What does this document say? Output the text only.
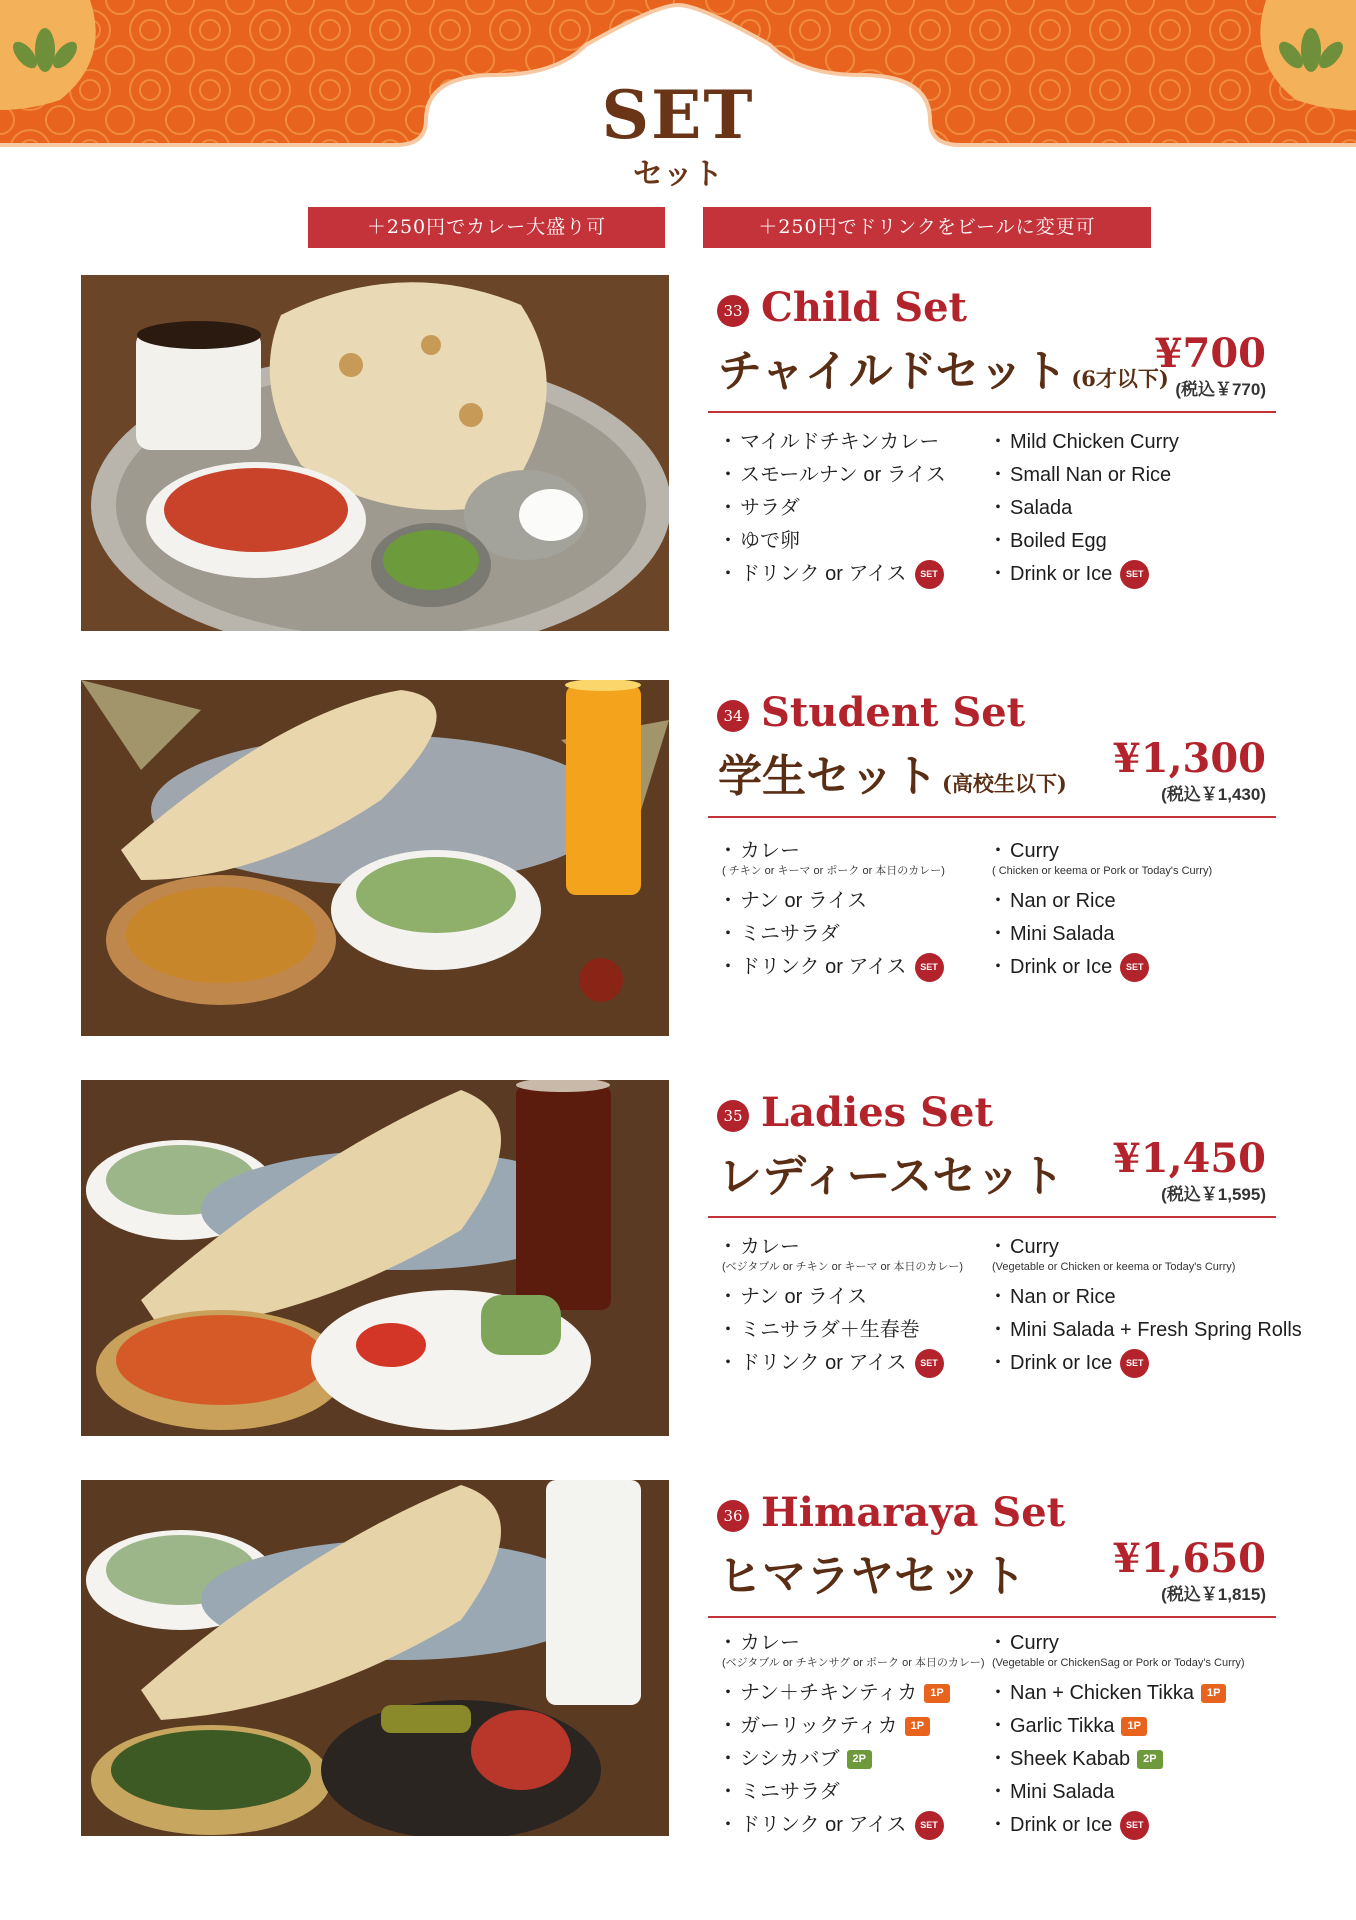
SET
セット
＋250円でカレー大盛り可	＋250円でドリンクをビールに変更可
33 Child Set
チャイルドセット (6才以下)
¥700
(税込￥770)
・ マイルドチキンカレー
・ スモールナン or ライス
・ サラダ
・ ゆで卵
・ ドリンク or アイス	SET
・ Mild Chicken Curry
・ Small Nan or Rice
・ Salada
・ Boiled Egg
・ Drink or Ice	SET
34 Student Set
学生セット (高校生以下)
¥1,300
(税込￥1,430)
・ カレー
( チキン or キーマ or ポーク or 本日のカレー)
・ ナン or ライス
・ ミニサラダ
・ ドリンク or アイス	SET
・ Curry
( Chicken or keema or Pork or Today's Curry)
・ Nan or Rice
・ Mini Salada
・ Drink or Ice	SET
35 Ladies Set
レディースセット ¥1,450
(税込￥1,595)
・ カレー
(ベジタブル or チキン or キーマ or 本日のカレー)
・ ナン or ライス
・ ミニサラダ＋生春巻
・ ドリンク or アイス	SET
・ Curry
(Vegetable or Chicken or keema or Today's Curry)
・ Nan or Rice
・ Mini Salada + Fresh Spring Rolls
・ Drink or Ice	SET
36 Himaraya Set
ヒマラヤセット ¥1,650
(税込￥1,815)
・ カレー
(ベジタブル or チキンサグ or ポーク or 本日のカレー)
・ ナン＋チキンティカ	1P
・ ガーリックティカ	1P
・ シシカバブ	2P
・ ミニサラダ
・ ドリンク or アイス	SET
・ Curry
(Vegetable or ChickenSag or Pork or Today's Curry)
・ Nan + Chicken Tikka	1P
・ Garlic Tikka	1P
・ Sheek Kabab	2P
・ Mini Salada
・ Drink or Ice	SET
